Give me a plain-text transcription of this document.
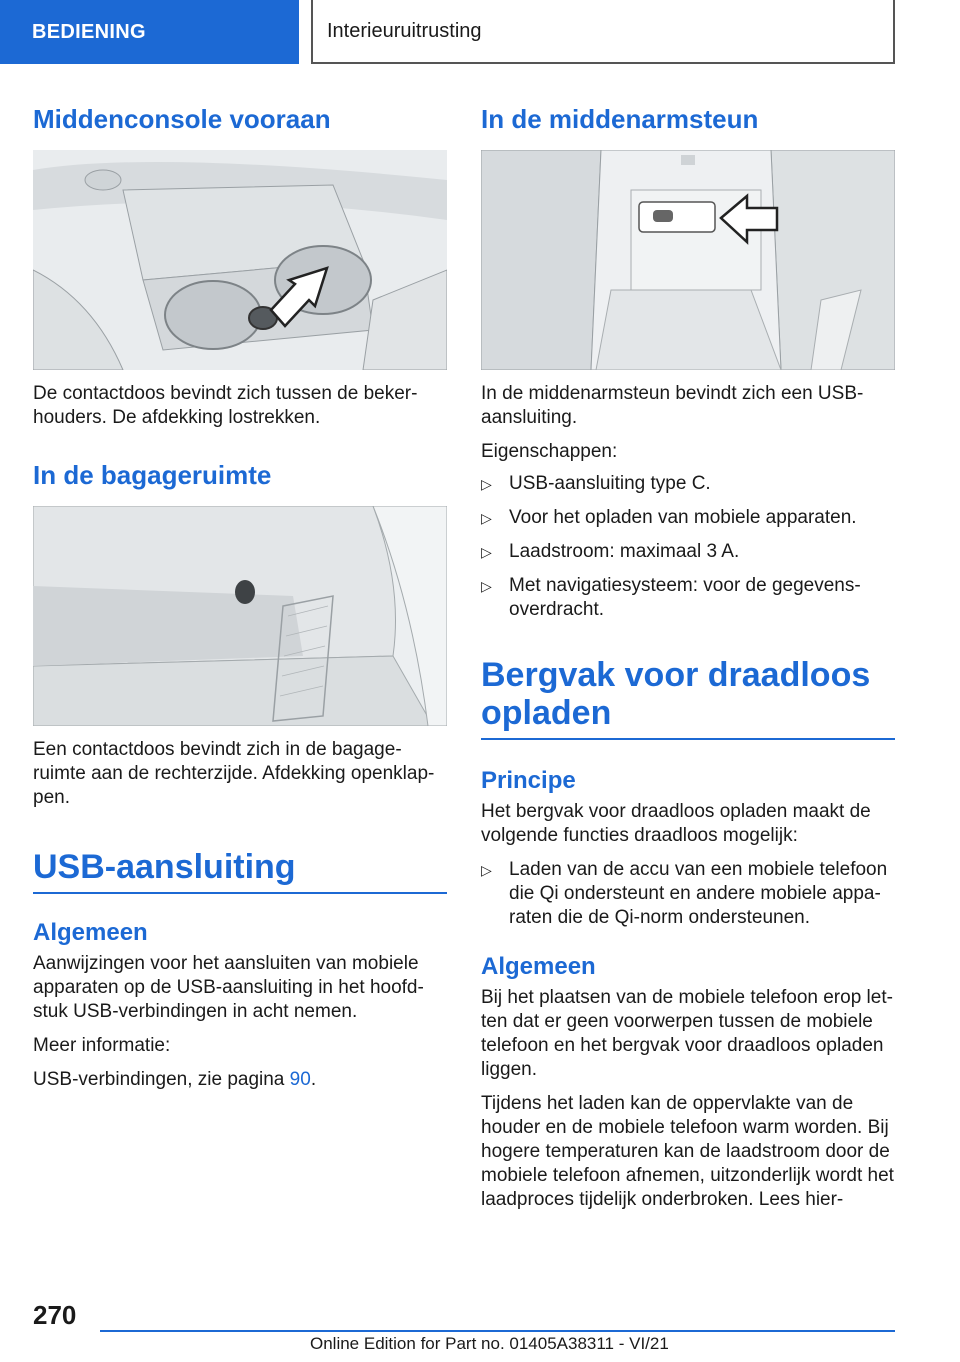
BEDIENING	Interieuruitrusting
Middenconsole vooraan

De contactdoos bevindt zich tussen de bekerhouders. De afdekking lostrekken.

In de bagageruimte

Een contactdoos bevindt zich in de bagageruimte aan de rechterzijde. Afdekking openklappen.

USB-aansluiting
Algemeen

Aanwijzingen voor het aansluiten van mobiele apparaten op de USB-aansluiting in het hoofdstuk USB-verbindingen in acht nemen.

Meer informatie:

USB-verbindingen, zie pagina 90.

In de middenarmsteun

In de middenarmsteun bevindt zich een USB-aansluiting.

Eigenschappen:

▷ USB-aansluiting type C.
▷ Voor het opladen van mobiele apparaten.
▷ Laadstroom: maximaal 3 A.
▷ Met navigatiesysteem: voor de gegevensoverdracht.
Bergvak voor draadloos opladen
Principe

Het bergvak voor draadloos opladen maakt de volgende functies draadloos mogelijk:

▷ Laden van de accu van een mobiele telefoon die Qi ondersteunt en andere mobiele apparaten die de Qi-norm ondersteunen.
Algemeen

Bij het plaatsen van de mobiele telefoon erop letten dat er geen voorwerpen tussen de mobiele telefoon en het bergvak voor draadloos opladen liggen.

Tijdens het laden kan de oppervlakte van de houder en de mobiele telefoon warm worden. Bij hogere temperaturen kan de laadstroom door de mobiele telefoon afnemen, uitzonderlijk wordt het laadproces tijdelijk onderbroken. Lees hier-

270
Online Edition for Part no. 01405A38311 - VI/21
